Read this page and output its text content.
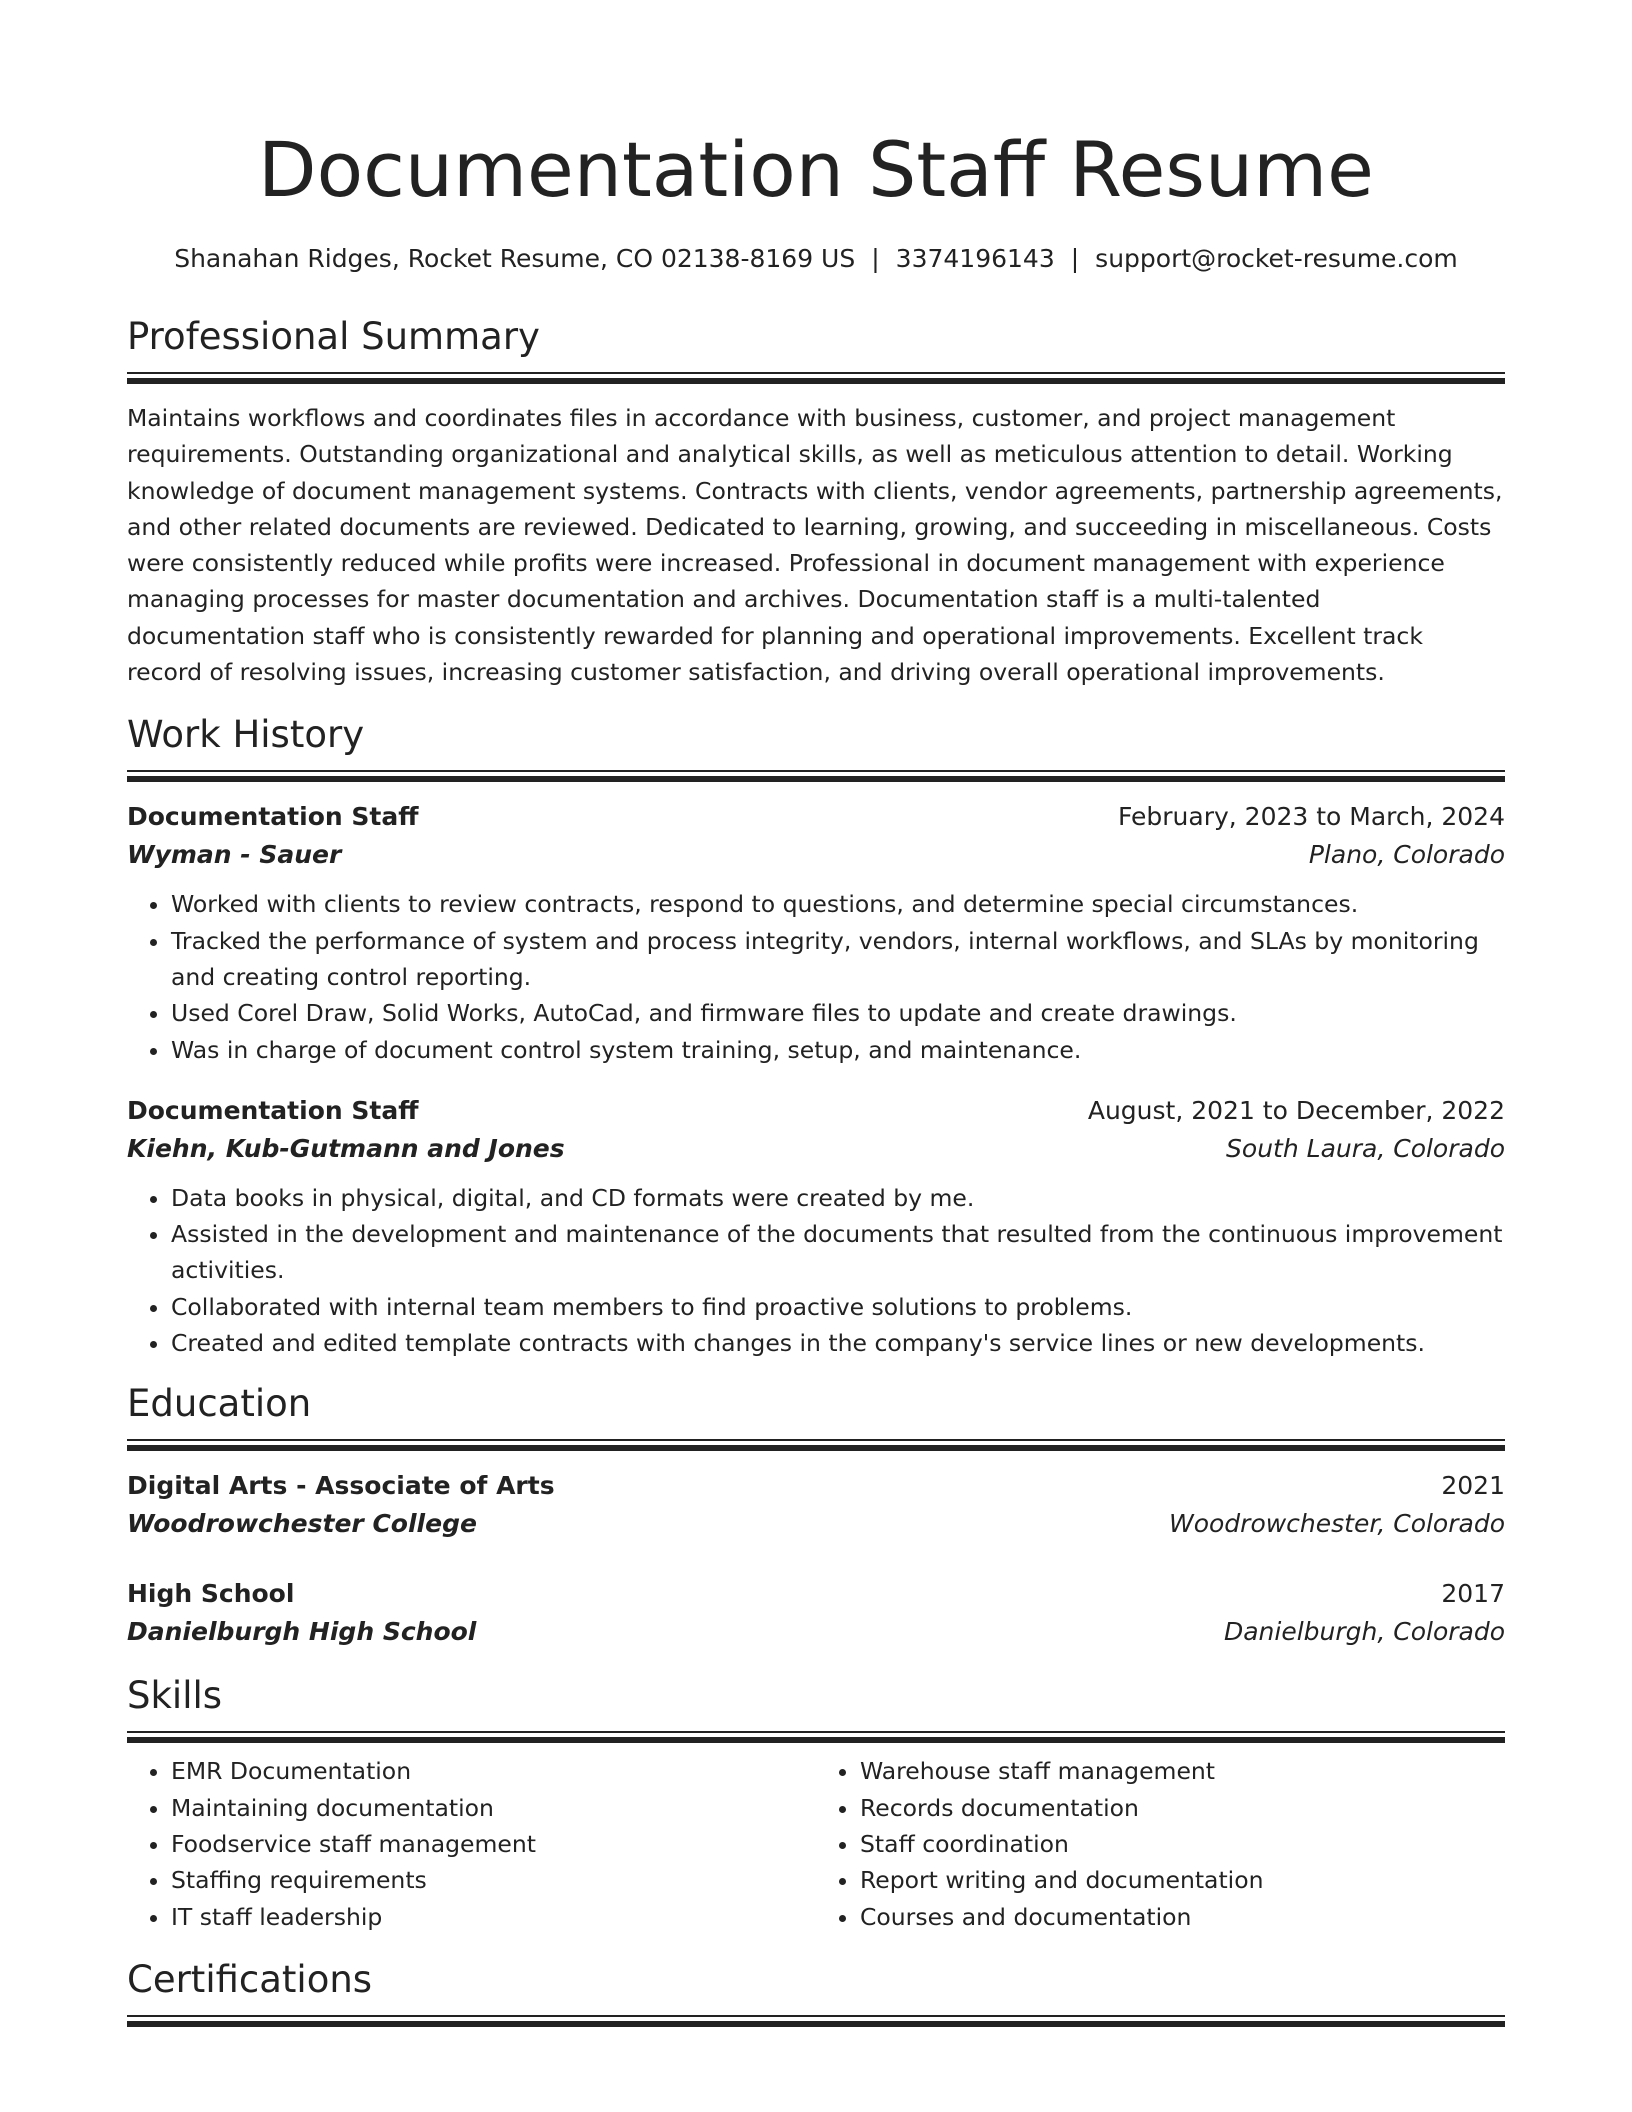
Documentation Staff Resume
Shanahan Ridges, Rocket Resume, CO 02138-8169 US | 3374196143 | support@rocket-resume.com
Professional Summary
Maintains workflows and coordinates files in accordance with business, customer, and project management requirements. Outstanding organizational and analytical skills, as well as meticulous attention to detail. Working knowledge of document management systems. Contracts with clients, vendor agreements, partnership agreements, and other related documents are reviewed. Dedicated to learning, growing, and succeeding in miscellaneous. Costs were consistently reduced while profits were increased. Professional in document management with experience managing processes for master documentation and archives. Documentation staff is a multi-talented documentation staff who is consistently rewarded for planning and operational improvements. Excellent track record of resolving issues, increasing customer satisfaction, and driving overall operational improvements.
Work History
Documentation Staff	February, 2023 to March, 2024
Wyman - Sauer	Plano, Colorado
• Worked with clients to review contracts, respond to questions, and determine special circumstances.
• Tracked the performance of system and process integrity, vendors, internal workflows, and SLAs by monitoring and creating control reporting.
• Used Corel Draw, Solid Works, AutoCad, and firmware files to update and create drawings.
• Was in charge of document control system training, setup, and maintenance.
Documentation Staff	August, 2021 to December, 2022
Kiehn, Kub-Gutmann and Jones	South Laura, Colorado
• Data books in physical, digital, and CD formats were created by me.
• Assisted in the development and maintenance of the documents that resulted from the continuous improvement activities.
• Collaborated with internal team members to find proactive solutions to problems.
• Created and edited template contracts with changes in the company's service lines or new developments.
Education
Digital Arts - Associate of Arts	2021
Woodrowchester College	Woodrowchester, Colorado
High School	2017
Danielburgh High School	Danielburgh, Colorado
Skills
• EMR Documentation
• Maintaining documentation
• Foodservice staff management
• Staffing requirements
• IT staff leadership
• Warehouse staff management
• Records documentation
• Staff coordination
• Report writing and documentation
• Courses and documentation
Certifications
